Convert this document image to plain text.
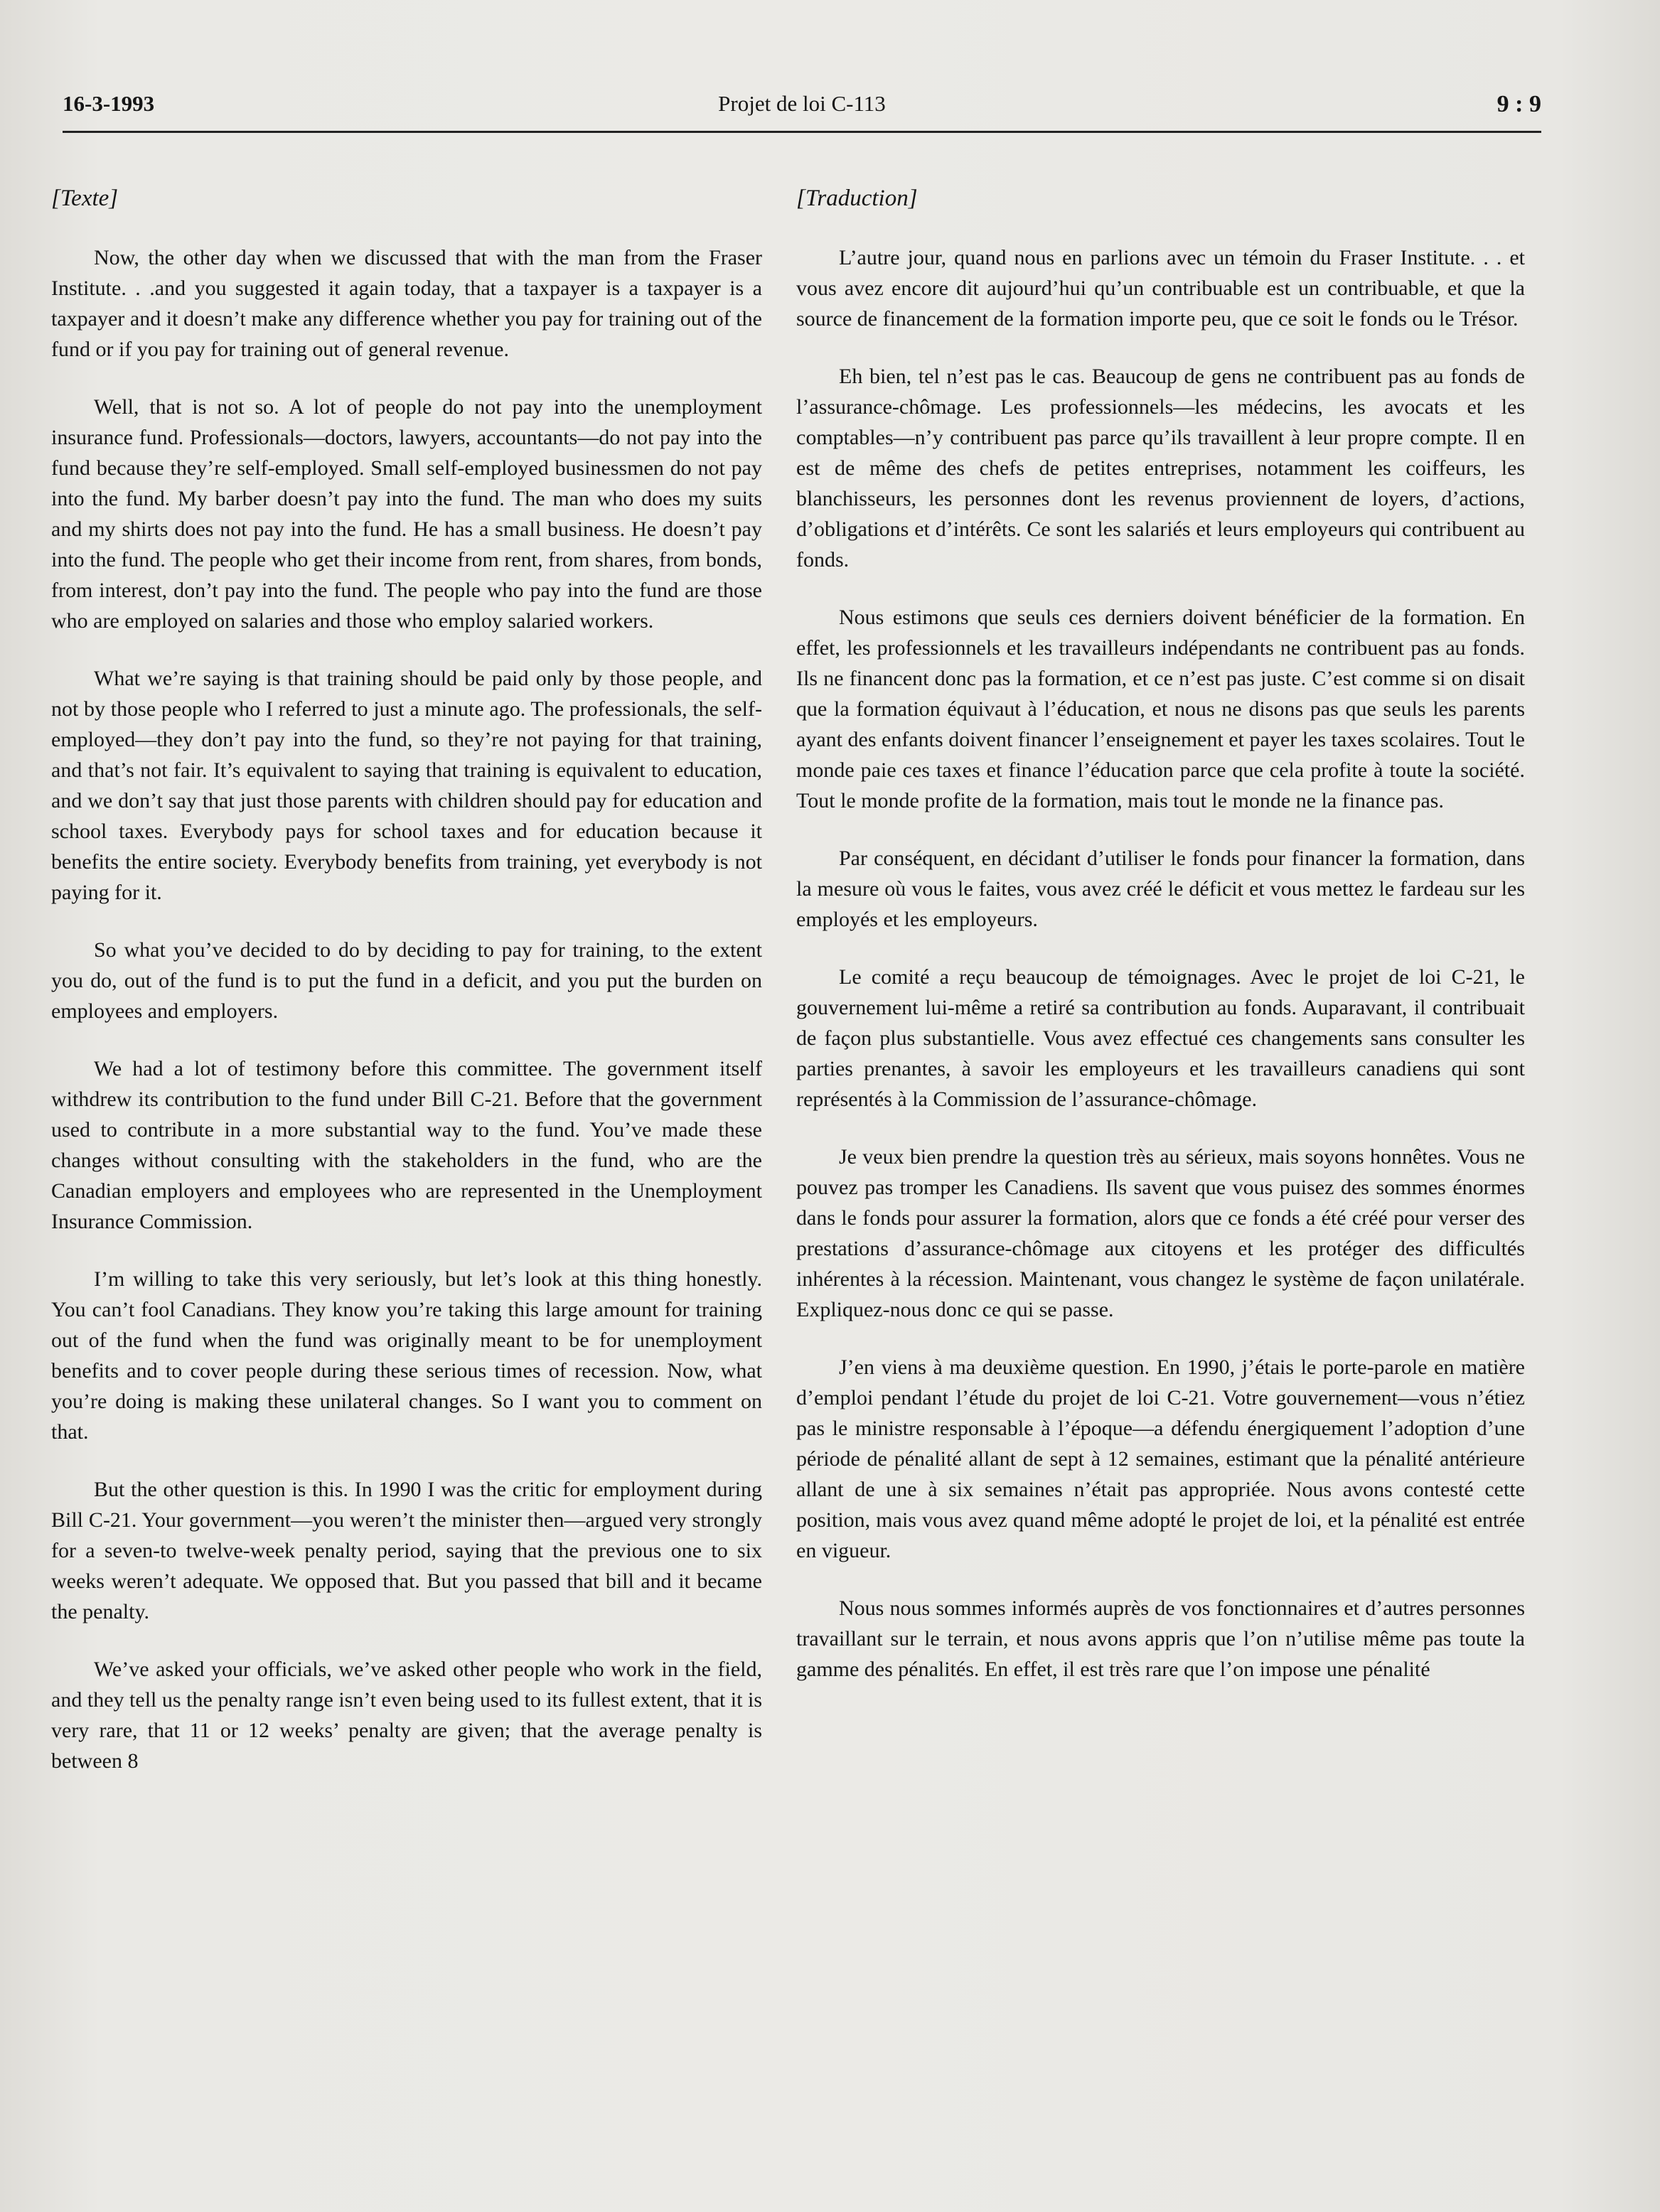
16-3-1993	Projet de loi C-113	9 : 9

[Texte]

Now, the other day when we discussed that with the man from the Fraser Institute. . .and you suggested it again today, that a taxpayer is a taxpayer is a taxpayer and it doesn’t make any difference whether you pay for training out of the fund or if you pay for training out of general revenue.

Well, that is not so. A lot of people do not pay into the unemployment insurance fund. Professionals—doctors, lawyers, accountants—do not pay into the fund because they’re self-employed. Small self-employed businessmen do not pay into the fund. My barber doesn’t pay into the fund. The man who does my suits and my shirts does not pay into the fund. He has a small business. He doesn’t pay into the fund. The people who get their income from rent, from shares, from bonds, from interest, don’t pay into the fund. The people who pay into the fund are those who are employed on salaries and those who employ salaried workers.

What we’re saying is that training should be paid only by those people, and not by those people who I referred to just a minute ago. The professionals, the self-employed—they don’t pay into the fund, so they’re not paying for that training, and that’s not fair. It’s equivalent to saying that training is equivalent to education, and we don’t say that just those parents with children should pay for education and school taxes. Everybody pays for school taxes and for education because it benefits the entire society. Everybody benefits from training, yet everybody is not paying for it.

So what you’ve decided to do by deciding to pay for training, to the extent you do, out of the fund is to put the fund in a deficit, and you put the burden on employees and employers.

We had a lot of testimony before this committee. The government itself withdrew its contribution to the fund under Bill C-21. Before that the government used to contribute in a more substantial way to the fund. You’ve made these changes without consulting with the stakeholders in the fund, who are the Canadian employers and employees who are represented in the Unemployment Insurance Commission.

I’m willing to take this very seriously, but let’s look at this thing honestly. You can’t fool Canadians. They know you’re taking this large amount for training out of the fund when the fund was originally meant to be for unemployment benefits and to cover people during these serious times of recession. Now, what you’re doing is making these unilateral changes. So I want you to comment on that.

But the other question is this. In 1990 I was the critic for employment during Bill C-21. Your government—you weren’t the minister then—argued very strongly for a seven-to twelve-week penalty period, saying that the previous one to six weeks weren’t adequate. We opposed that. But you passed that bill and it became the penalty.

We’ve asked your officials, we’ve asked other people who work in the field, and they tell us the penalty range isn’t even being used to its fullest extent, that it is very rare, that 11 or 12 weeks’ penalty are given; that the average penalty is between 8

[Traduction]

L’autre jour, quand nous en parlions avec un témoin du Fraser Institute. . . et vous avez encore dit aujourd’hui qu’un contribuable est un contribuable, et que la source de financement de la formation importe peu, que ce soit le fonds ou le Trésor.

Eh bien, tel n’est pas le cas. Beaucoup de gens ne contribuent pas au fonds de l’assurance-chômage. Les professionnels—les médecins, les avocats et les comptables—n’y contribuent pas parce qu’ils travaillent à leur propre compte. Il en est de même des chefs de petites entreprises, notamment les coiffeurs, les blanchisseurs, les personnes dont les revenus proviennent de loyers, d’actions, d’obligations et d’intérêts. Ce sont les salariés et leurs employeurs qui contribuent au fonds.

Nous estimons que seuls ces derniers doivent bénéficier de la formation. En effet, les professionnels et les travailleurs indépendants ne contribuent pas au fonds. Ils ne financent donc pas la formation, et ce n’est pas juste. C’est comme si on disait que la formation équivaut à l’éducation, et nous ne disons pas que seuls les parents ayant des enfants doivent financer l’enseignement et payer les taxes scolaires. Tout le monde paie ces taxes et finance l’éducation parce que cela profite à toute la société. Tout le monde profite de la formation, mais tout le monde ne la finance pas.

Par conséquent, en décidant d’utiliser le fonds pour financer la formation, dans la mesure où vous le faites, vous avez créé le déficit et vous mettez le fardeau sur les employés et les employeurs.

Le comité a reçu beaucoup de témoignages. Avec le projet de loi C-21, le gouvernement lui-même a retiré sa contribution au fonds. Auparavant, il contribuait de façon plus substantielle. Vous avez effectué ces changements sans consulter les parties prenantes, à savoir les employeurs et les travailleurs canadiens qui sont représentés à la Commission de l’assurance-chômage.

Je veux bien prendre la question très au sérieux, mais soyons honnêtes. Vous ne pouvez pas tromper les Canadiens. Ils savent que vous puisez des sommes énormes dans le fonds pour assurer la formation, alors que ce fonds a été créé pour verser des prestations d’assurance-chômage aux citoyens et les protéger des difficultés inhérentes à la récession. Maintenant, vous changez le système de façon unilatérale. Expliquez-nous donc ce qui se passe.

J’en viens à ma deuxième question. En 1990, j’étais le porte-parole en matière d’emploi pendant l’étude du projet de loi C-21. Votre gouvernement—vous n’étiez pas le ministre responsable à l’époque—a défendu énergiquement l’adoption d’une période de pénalité allant de sept à 12 semaines, estimant que la pénalité antérieure allant de une à six semaines n’était pas appropriée. Nous avons contesté cette position, mais vous avez quand même adopté le projet de loi, et la pénalité est entrée en vigueur.

Nous nous sommes informés auprès de vos fonctionnaires et d’autres personnes travaillant sur le terrain, et nous avons appris que l’on n’utilise même pas toute la gamme des pénalités. En effet, il est très rare que l’on impose une pénalité
